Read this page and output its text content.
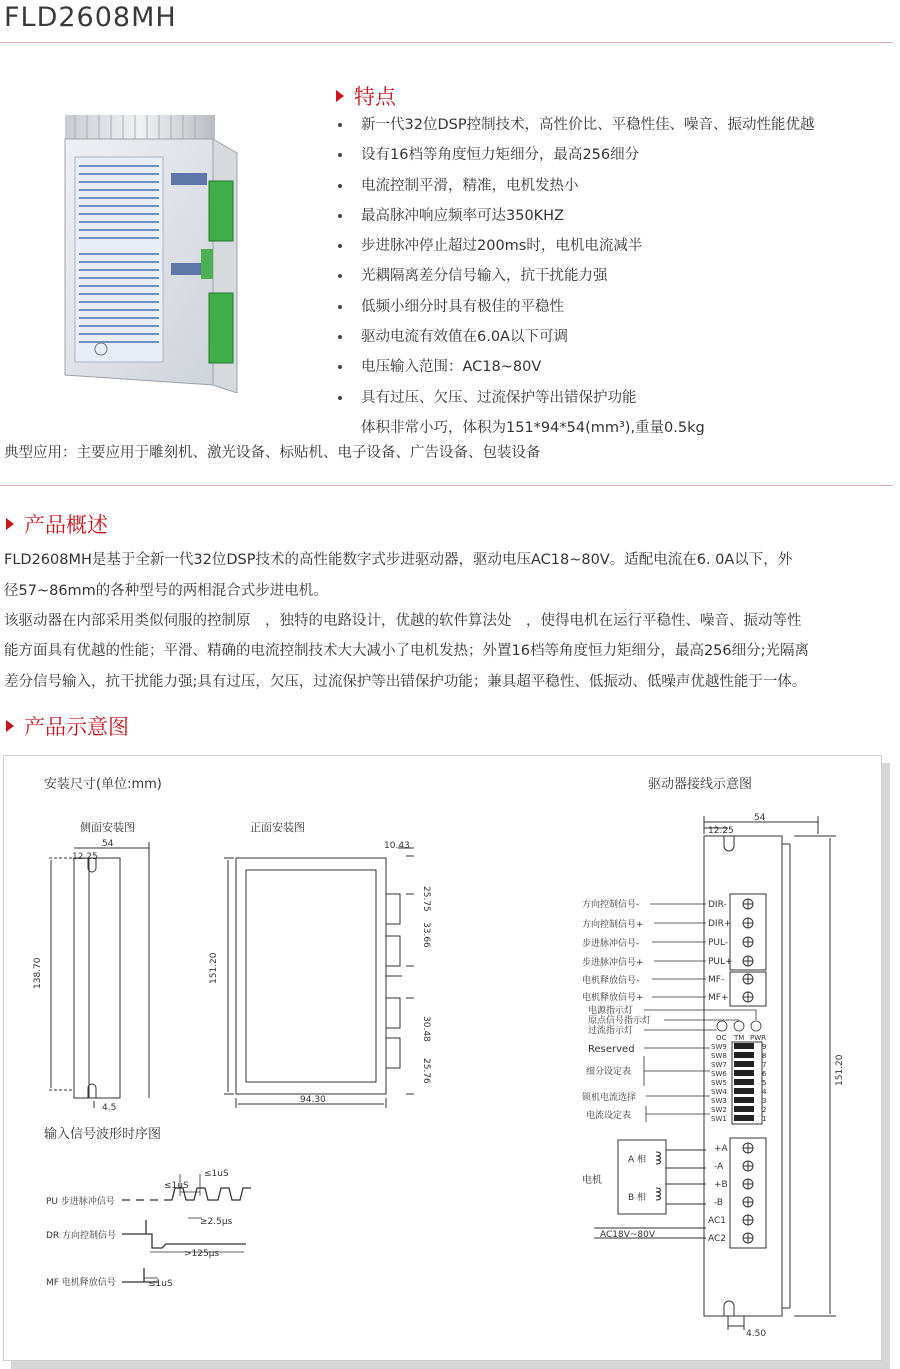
FLD2608MH
特点
新一代32位DSP控制技术，高性价比、平稳性佳、噪音、振动性能优越
设有16档等角度恒力矩细分，最高256细分
电流控制平滑，精准，电机发热小
最高脉冲响应频率可达350KHZ
步进脉冲停止超过200ms时，电机电流减半
光耦隔离差分信号输入，抗干扰能力强
低频小细分时具有极佳的平稳性
驱动电流有效值在6.0A以下可调
电压输入范围：AC18~80V
具有过压、欠压、过流保护等出错保护功能
体积非常小巧，体积为151*94*54(mm³),重量0.5kg
典型应用：主要应用于雕刻机、激光设备、标贴机、电子设备、广告设备、包装设备
产品概述
FLD2608MH是基于全新一代32位DSP技术的高性能数字式步进驱动器，驱动电压AC18~80V。适配电流在6. 0A以下，外
径57~86mm的各种型号的两相混合式步进电机。
该驱动器在内部采用类似伺服的控制原　，独特的电路设计，优越的软件算法处　，使得电机在运行平稳性、噪音、振动等性
能方面具有优越的性能；平滑、精确的电流控制技术大大减小了电机发热；外置16档等角度恒力矩细分，最高256细分;光隔离
差分信号输入，抗干扰能力强;具有过压，欠压，过流保护等出错保护功能；兼具超平稳性、低振动、低噪声优越性能于一体。
产品示意图
安装尺寸(单位:mm)	驱动器接线示意图
侧面安装图	正面安装图
54
12.25
138.70
4.5
10.43
151.20
94.30
25.75
33.66
30.48
25.76
输入信号波形时序图
PU 步进脉冲信号
DR 方向控制信号
MF 电机释放信号
≤1uS
≤1uS
≥2.5μs
>125μs
≤1uS
54
12.25
151.20
4.50
方向控制信号-
方向控制信号+
步进脉冲信号-
步进脉冲信号+
电机释放信号-
电机释放信号+
DIR-
DIR+
PUL-
PUL+
MF-
MF+
电源指示灯
原点信号指示灯
过流指示灯
OC TM PWR
SW9
SW8
SW7
SW6
SW5
SW4
SW3
SW2
SW1
9
8
7
6
5
4
3
2
1
Reserved
细分设定表
锁机电流选择
电流设定表
+A
-A
+B
-B
AC1
AC2
A 相
B 相
AC18V~80V
电机
